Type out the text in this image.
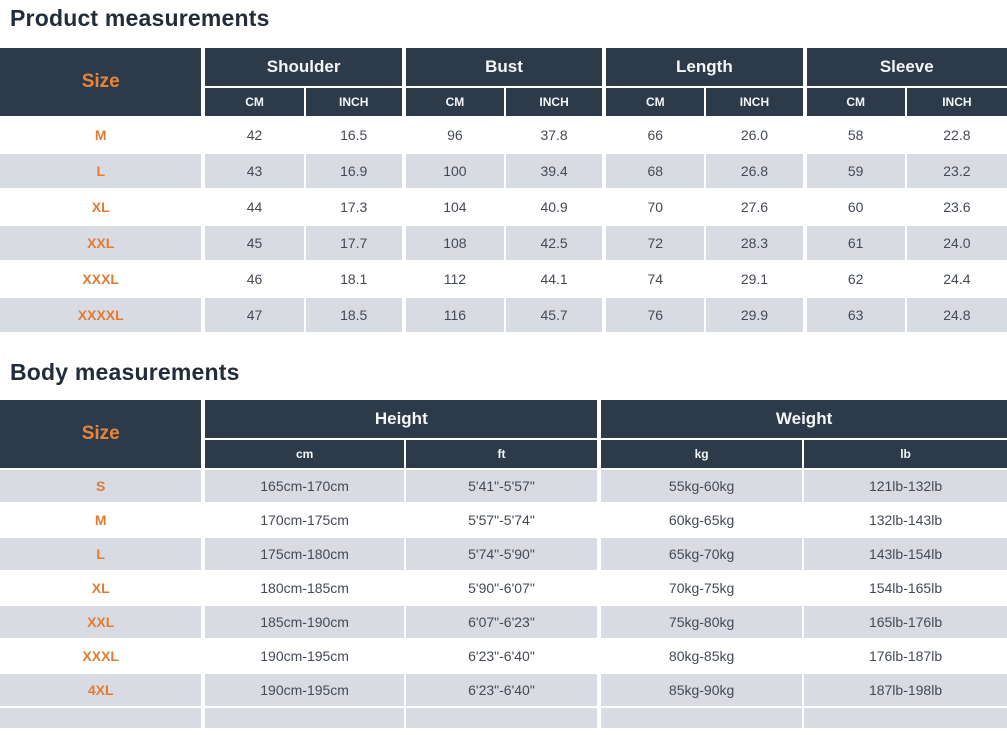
Product measurements
Size	Shoulder		Bust		Length		Sleeve	
	CM	INCH	CM	INCH	CM	INCH	CM	INCH
M	42	16.5	96	37.8	66	26.0	58	22.8
L	43	16.9	100	39.4	68	26.8	59	23.2
XL	44	17.3	104	40.9	70	27.6	60	23.6
XXL	45	17.7	108	42.5	72	28.3	61	24.0
XXXL	46	18.1	112	44.1	74	29.1	62	24.4
XXXXL	47	18.5	116	45.7	76	29.9	63	24.8
Body measurements
Size	Height		Weight	
	cm	ft	kg	lb
S	165cm-170cm	5'41"-5'57"	55kg-60kg	121lb-132lb
M	170cm-175cm	5'57"-5'74"	60kg-65kg	132lb-143lb
L	175cm-180cm	5'74"-5'90"	65kg-70kg	143lb-154lb
XL	180cm-185cm	5'90"-6'07"	70kg-75kg	154lb-165lb
XXL	185cm-190cm	6'07"-6'23"	75kg-80kg	165lb-176lb
XXXL	190cm-195cm	6'23"-6'40"	80kg-85kg	176lb-187lb
4XL	190cm-195cm	6'23"-6'40"	85kg-90kg	187lb-198lb
